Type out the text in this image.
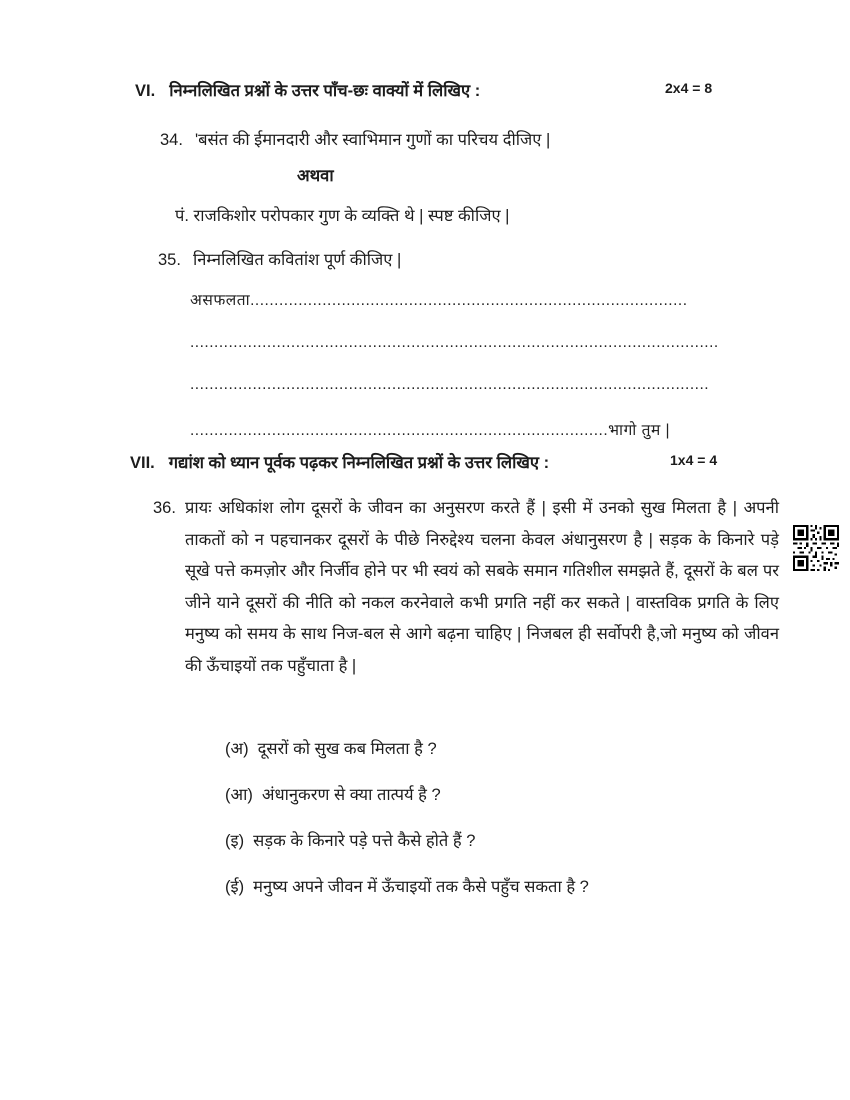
VI. निम्नलिखित प्रश्नों के उत्तर पाँच-छः वाक्यों में लिखिए :	2x4 = 8
34. 'बसंत की ईमानदारी और स्वाभिमान गुणों का परिचय दीजिए |
अथवा
पं. राजकिशोर परोपकार गुण के व्यक्ति थे | स्पष्ट कीजिए |
35. निम्नलिखित कवितांश पूर्ण कीजिए |
असफलता...........................................................................................
..............................................................................................................
............................................................................................................
.......................................................................................भागो तुम |
VII. गद्यांश को ध्यान पूर्वक पढ़कर निम्नलिखित प्रश्नों के उत्तर लिखिए :	1x4 = 4
36. प्रायः अधिकांश लोग दूसरों के जीवन का अनुसरण करते हैं | इसी में उनको सुख मिलता है | अपनी ताकतों को न पहचानकर दूसरों के पीछे निरुद्देश्य चलना केवल अंधानुसरण है | सड़क के किनारे पड़े सूखे पत्ते कमज़ोर और निर्जीव होने पर भी स्वयं को सबके समान गतिशील समझते हैं, दूसरों के बल पर जीने याने दूसरों की नीति को नकल करनेवाले कभी प्रगति नहीं कर सकते | वास्तविक प्रगति के लिए मनुष्य को समय के साथ निज-बल से आगे बढ़ना चाहिए | निजबल ही सर्वोपरी है,जो मनुष्य को जीवन की ऊँचाइयों तक पहुँचाता है |
(अ) दूसरों को सुख कब मिलता है ?
(आ) अंधानुकरण से क्या तात्पर्य है ?
(इ) सड़क के किनारे पड़े पत्ते कैसे होते हैं ?
(ई) मनुष्य अपने जीवन में ऊँचाइयों तक कैसे पहुँच सकता है ?
